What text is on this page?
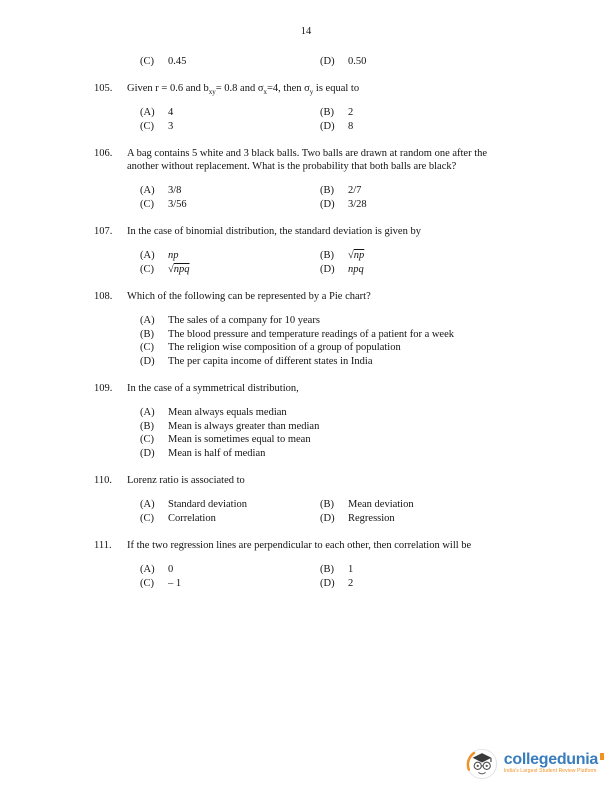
14
(C)	0.45	(D)	0.50
105.	Given r = 0.6 and $b_{xy}= 0.8$ and $\sigma_x=4$, then $\sigma_y$ is equal to

(A)	4	(B)	2
(C)	3	(D)	8
106.	A bag contains 5 white and 3 black balls. Two balls are drawn at random one after the another without replacement. What is the probability that both balls are black?

(A)	3/8	(B)	2/7
(C)	3/56	(D)	3/28
107.	In the case of binomial distribution, the standard deviation is given by

(A)	np	(B)	√np
(C)	√npq	(D)	npq
108.	Which of the following can be represented by a Pie chart?

(A)	The sales of a company for 10 years
(B)	The blood pressure and temperature readings of a patient for a week
(C)	The religion wise composition of a group of population
(D)	The per capita income of different states in India
109.	In the case of a symmetrical distribution,

(A)	Mean always equals median
(B)	Mean is always greater than median
(C)	Mean is sometimes equal to mean
(D)	Mean is half of median
110.	Lorenz ratio is associated to

(A)	Standard deviation	(B)	Mean deviation
(C)	Correlation	(D)	Regression
111.	If the two regression lines are perpendicular to each other, then correlation will be

(A)	0	(B)	1
(C)	– 1	(D)	2
collegedunia
India's Largest Student Review Platform
